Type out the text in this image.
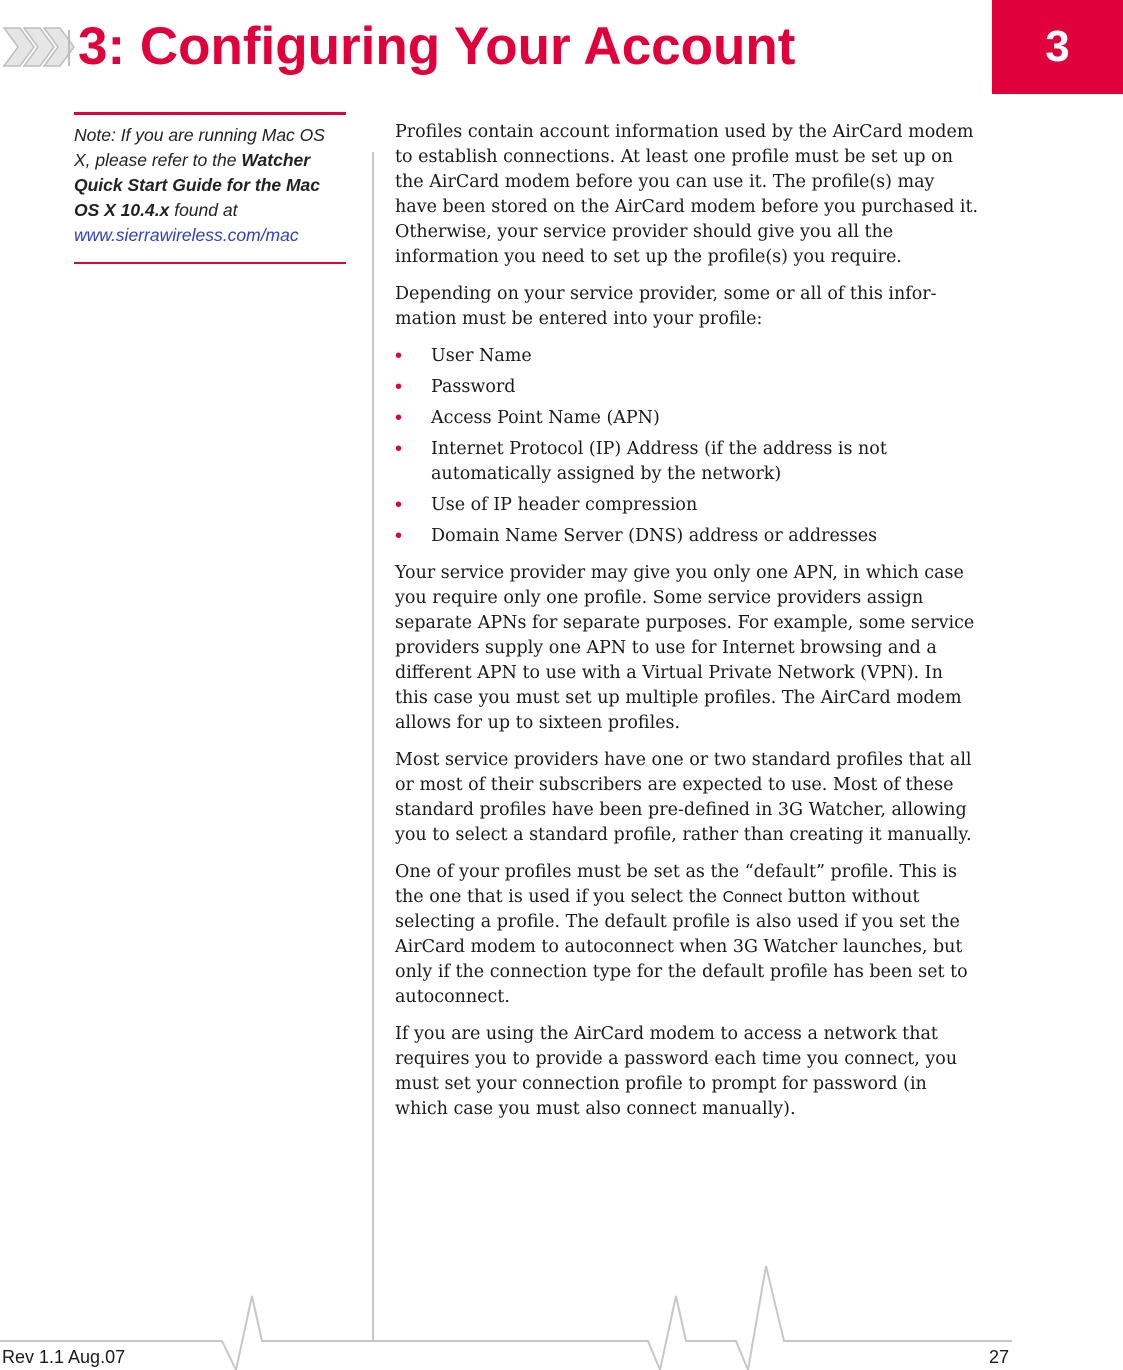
3: Configuring Your Account	3
Note: If you are running Mac OS X, please refer to the Watcher Quick Start Guide for the Mac OS X 10.4.x found at www.sierrawireless.com/mac

Profiles contain account information used by the AirCard modem to establish connections. At least one profile must be set up on the AirCard modem before you can use it. The profile(s) may have been stored on the AirCard modem before you purchased it. Otherwise, your service provider should give you all the information you need to set up the profile(s) you require.

Depending on your service provider, some or all of this infor-mation must be entered into your profile:

• User Name
• Password
• Access Point Name (APN)
• Internet Protocol (IP) Address (if the address is not automatically assigned by the network)
• Use of IP header compression
• Domain Name Server (DNS) address or addresses

Your service provider may give you only one APN, in which case you require only one profile. Some service providers assign separate APNs for separate purposes. For example, some service providers supply one APN to use for Internet browsing and a different APN to use with a Virtual Private Network (VPN). In this case you must set up multiple profiles. The AirCard modem allows for up to sixteen profiles.

Most service providers have one or two standard profiles that all or most of their subscribers are expected to use. Most of these standard profiles have been pre-defined in 3G Watcher, allowing you to select a standard profile, rather than creating it manually.

One of your profiles must be set as the “default” profile. This is the one that is used if you select the Connect button without selecting a profile. The default profile is also used if you set the AirCard modem to autoconnect when 3G Watcher launches, but only if the connection type for the default profile has been set to autoconnect.

If you are using the AirCard modem to access a network that requires you to provide a password each time you connect, you must set your connection profile to prompt for password (in which case you must also connect manually).

Rev 1.1 Aug.07	27
